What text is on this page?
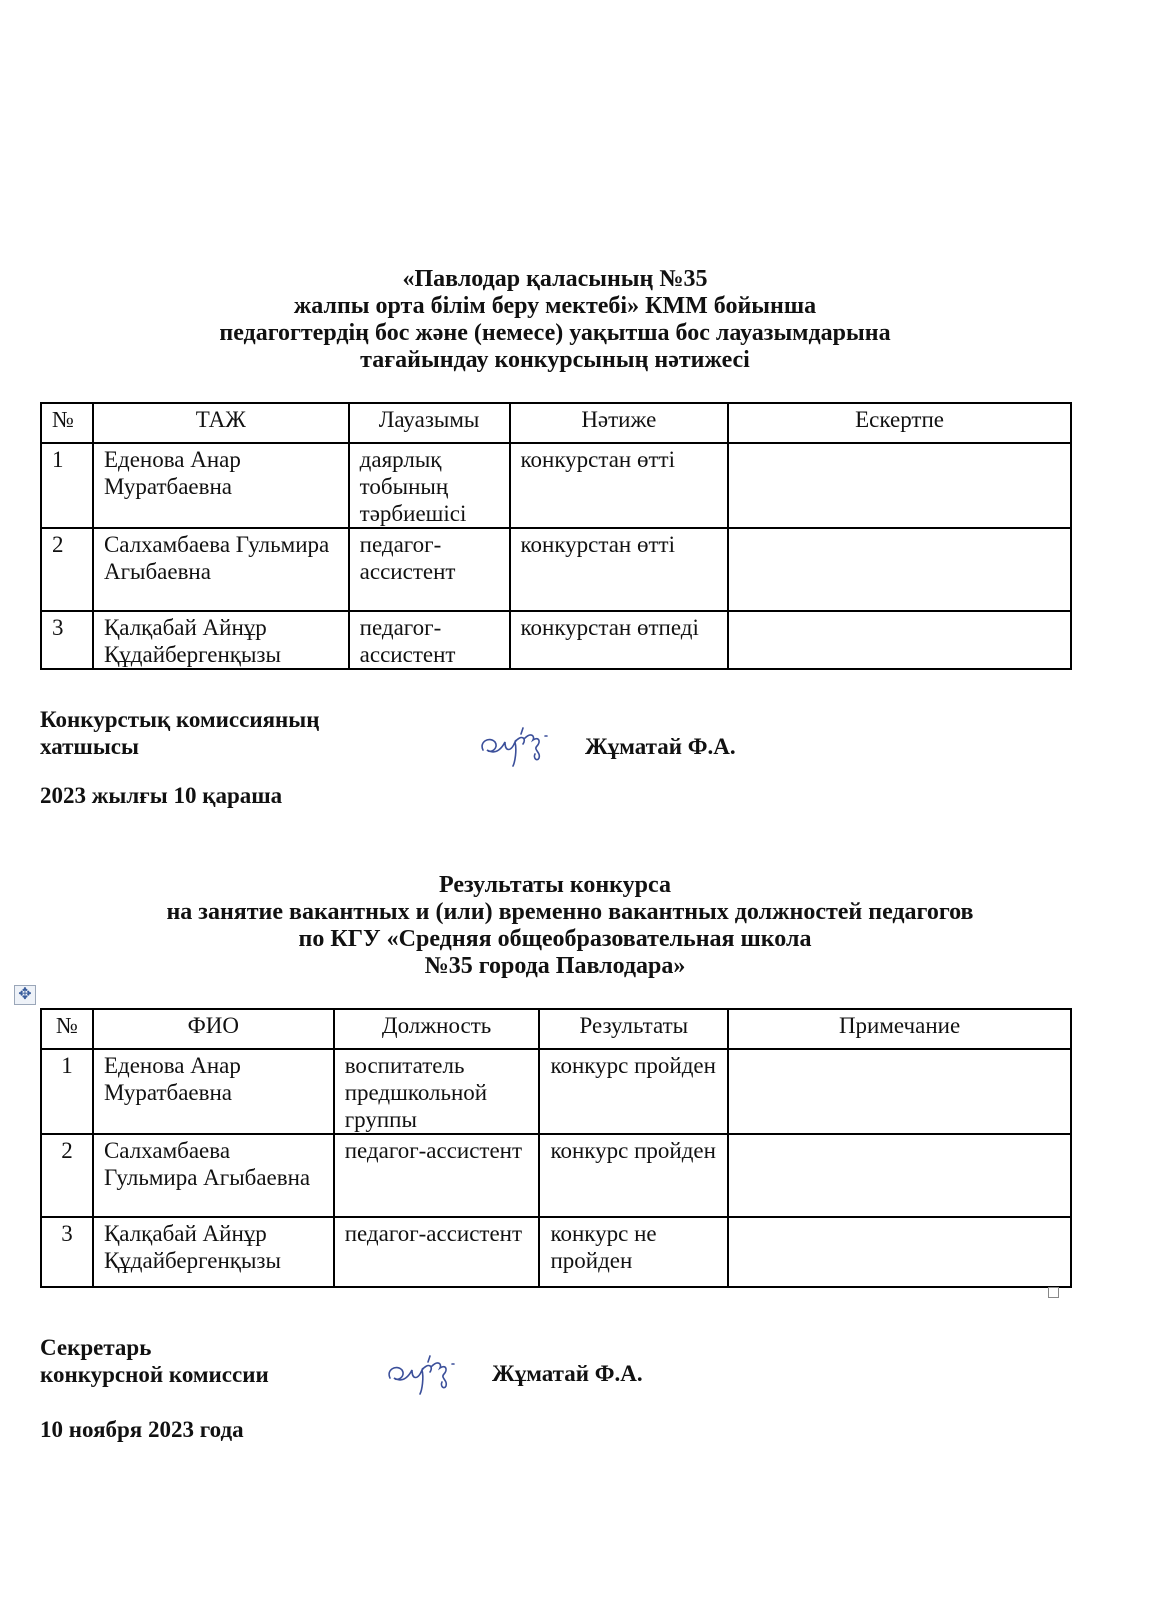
«Павлодар қаласының №35
жалпы орта білім беру мектебі» КММ бойынша
педагогтердің бос және (немесе) уақытша бос лауазымдарына
тағайындау конкурсының нәтижесі
№	ТАЖ	Лауазымы	Нәтиже	Ескертпе
1	Еденова Анар Муратбаевна	даярлық тобының тәрбиешісі	конкурстан өтті	
2	Салхамбаева Гульмира Агыбаевна	педагог-ассистент	конкурстан өтті	
3	Қалқабай Айнұр Құдайбергенқызы	педагог-ассистент	конкурстан өтпеді	
Конкурстық комиссияның
хатшысы	Жұматай Ф.А.
2023 жылғы 10 қараша
Результаты конкурса
на занятие вакантных и (или) временно вакантных должностей педагогов
по КГУ «Средняя общеобразовательная школа
№35 города Павлодара»
✥
№	ФИО	Должность	Результаты	Примечание
1	Еденова Анар Муратбаевна	воспитатель предшкольной группы	конкурс пройден	
2	Салхамбаева Гульмира Агыбаевна	педагог-ассистент	конкурс пройден	
3	Қалқабай Айнұр Құдайбергенқызы	педагог-ассистент	конкурс не пройден	
Секретарь
конкурсной комиссии	Жұматай Ф.А.
10 ноября 2023 года
